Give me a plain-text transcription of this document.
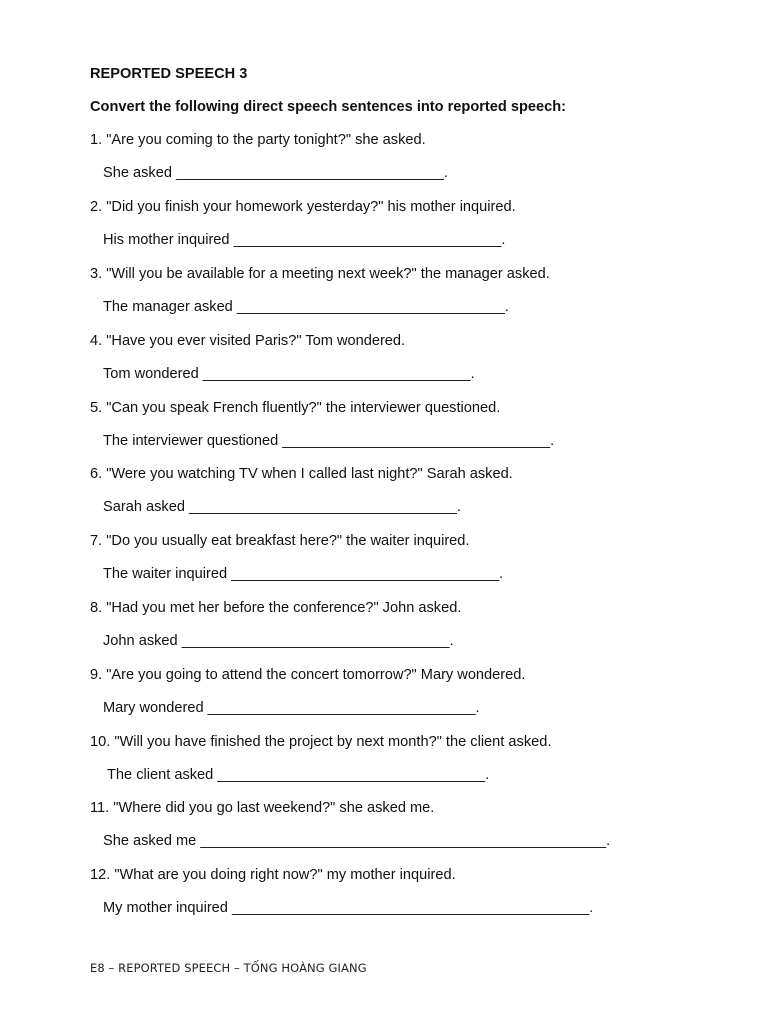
REPORTED SPEECH 3
Convert the following direct speech sentences into reported speech:
1. "Are you coming to the party tonight?" she asked.
She asked _________________________________.
2. "Did you finish your homework yesterday?" his mother inquired.
His mother inquired _________________________________.
3. "Will you be available for a meeting next week?" the manager asked.
The manager asked _________________________________.
4. "Have you ever visited Paris?" Tom wondered.
Tom wondered _________________________________.
5. "Can you speak French fluently?" the interviewer questioned.
The interviewer questioned _________________________________.
6. "Were you watching TV when I called last night?" Sarah asked.
Sarah asked _________________________________.
7. "Do you usually eat breakfast here?" the waiter inquired.
The waiter inquired _________________________________.
8. "Had you met her before the conference?" John asked.
John asked _________________________________.
9. "Are you going to attend the concert tomorrow?" Mary wondered.
Mary wondered _________________________________.
10. "Will you have finished the project by next month?" the client asked.
The client asked _________________________________.
11. "Where did you go last weekend?" she asked me.
She asked me __________________________________________________.
12. "What are you doing right now?" my mother inquired.
My mother inquired ____________________________________________.
E8 – REPORTED SPEECH – TỐNG HOÀNG GIANG
